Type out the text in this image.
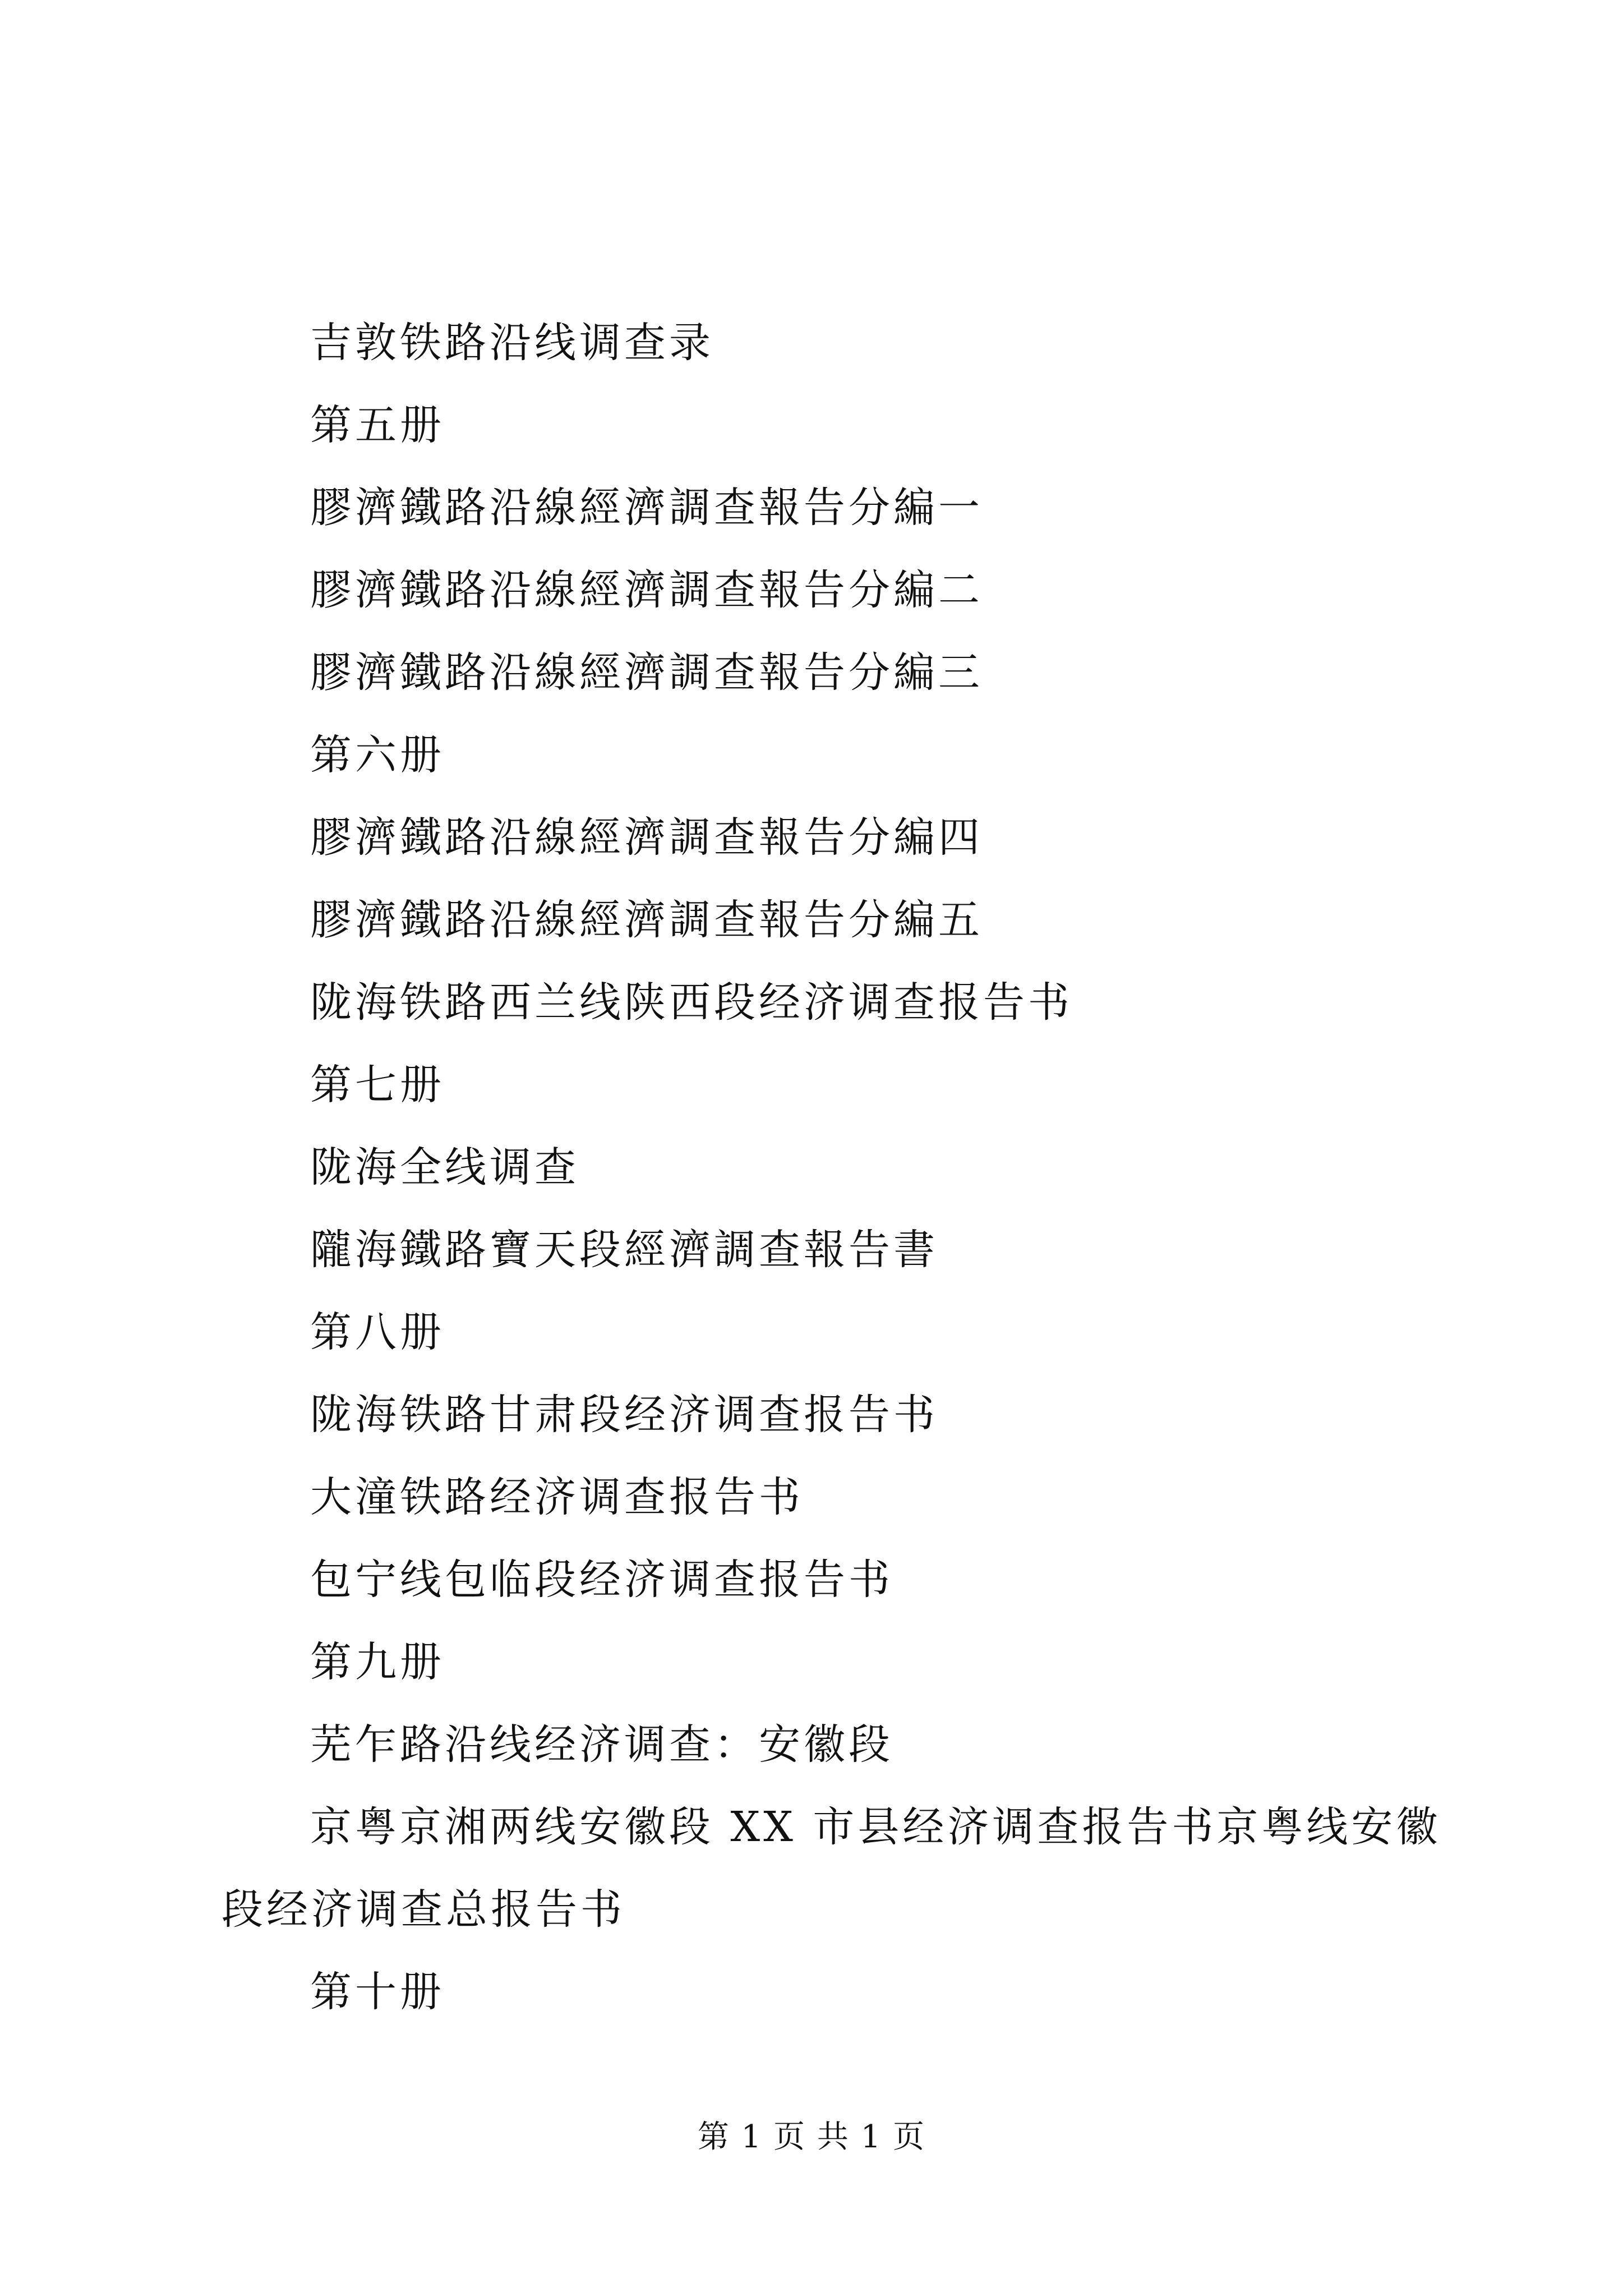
吉敦铁路沿线调查录
第五册
膠濟鐵路沿線經濟調查報告分編一
膠濟鐵路沿線經濟調查報告分編二
膠濟鐵路沿線經濟調查報告分編三
第六册
膠濟鐵路沿線經濟調查報告分編四
膠濟鐵路沿線經濟調查報告分編五
陇海铁路西兰线陕西段经济调查报告书
第七册
陇海全线调查
隴海鐵路寶天段經濟調查報告書
第八册
陇海铁路甘肃段经济调查报告书
大潼铁路经济调查报告书
包宁线包临段经济调查报告书
第九册
芜乍路沿线经济调查：安徽段
京粤京湘两线安徽段 XX 市县经济调查报告书京粤线安徽段经济调查总报告书
第十册
第 1 页 共 1 页
